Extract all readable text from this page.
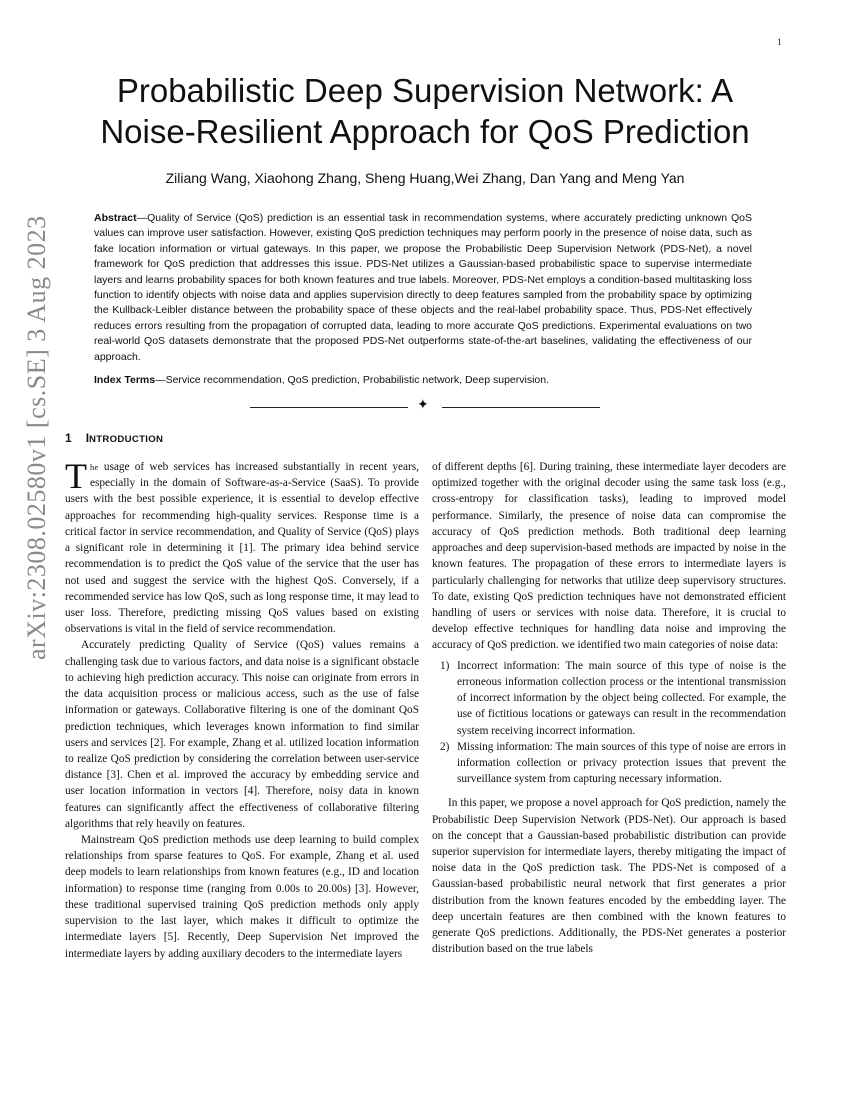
1
arXiv:2308.02580v1 [cs.SE] 3 Aug 2023
Probabilistic Deep Supervision Network: A
Noise-Resilient Approach for QoS Prediction
Ziliang Wang, Xiaohong Zhang, Sheng Huang,Wei Zhang, Dan Yang and Meng Yan

Abstract—Quality of Service (QoS) prediction is an essential task in recommendation systems, where accurately predicting unknown QoS values can improve user satisfaction. However, existing QoS prediction techniques may perform poorly in the presence of noise data, such as fake location information or virtual gateways. In this paper, we propose the Probabilistic Deep Supervision Network (PDS-Net), a novel framework for QoS prediction that addresses this issue. PDS-Net utilizes a Gaussian-based probabilistic space to supervise intermediate layers and learns probability spaces for both known features and true labels. Moreover, PDS-Net employs a condition-based multitasking loss function to identify objects with noise data and applies supervision directly to deep features sampled from the probability space by optimizing the Kullback-Leibler distance between the probability space of these objects and the real-label probability space. Thus, PDS-Net effectively reduces errors resulting from the propagation of corrupted data, leading to more accurate QoS predictions. Experimental evaluations on two real-world QoS datasets demonstrate that the proposed PDS-Net outperforms state-of-the-art baselines, validating the effectiveness of our approach.

Index Terms—Service recommendation, QoS prediction, Probabilistic network, Deep supervision.

✦
1 INTRODUCTION

The usage of web services has increased substantially in recent years, especially in the domain of Software-as-a-Service (SaaS). To provide users with the best possible experience, it is essential to develop effective approaches for recommending high-quality services. Response time is a critical factor in service recommendation, and Quality of Service (QoS) plays a significant role in determining it [1]. The primary idea behind service recommendation is to predict the QoS value of the service that the user has not used and suggest the service with the highest QoS. Conversely, if a recommended service has low QoS, such as long response time, it may lead to user loss. Therefore, predicting missing QoS values based on existing observations is vital in the field of service recommendation.

Accurately predicting Quality of Service (QoS) values remains a challenging task due to various factors, and data noise is a significant obstacle to achieving high prediction accuracy. This noise can originate from errors in the data acquisition process or malicious access, such as the use of false information or gateways. Collaborative filtering is one of the dominant QoS prediction techniques, which leverages known information to find similar users and services [2]. For example, Zhang et al. utilized location information to realize QoS prediction by considering the correlation between user-service distance [3]. Chen et al. improved the accuracy by embedding service and user location information in vectors [4]. Therefore, noisy data in known features can significantly affect the effectiveness of collaborative filtering algorithms that rely heavily on features.

Mainstream QoS prediction methods use deep learning to build complex relationships from sparse features to QoS. For example, Zhang et al. used deep models to learn relationships from known features (e.g., ID and location information) to response time (ranging from 0.00s to 20.00s) [3]. However, these traditional supervised training QoS prediction methods only apply supervision to the last layer, which makes it difficult to optimize the intermediate layers [5]. Recently, Deep Supervision Net improved the intermediate layers by adding auxiliary decoders to the intermediate layers

of different depths [6]. During training, these intermediate layer decoders are optimized together with the original decoder using the same task loss (e.g., cross-entropy for classification tasks), leading to improved model performance. Similarly, the presence of noise data can compromise the accuracy of QoS prediction methods. Both traditional deep learning approaches and deep supervision-based methods are impacted by noise in the known features. The propagation of these errors to intermediate layers is particularly challenging for networks that utilize deep supervisory structures. To date, existing QoS prediction techniques have not demonstrated efficient handling of users or services with noise data. Therefore, it is crucial to develop effective techniques for handling data noise and improving the accuracy of QoS prediction. we identified two main categories of noise data:

1) Incorrect information: The main source of this type of noise is the erroneous information collection process or the intentional transmission of incorrect information by the object being collected. For example, the use of fictitious locations or gateways can result in the recommendation system receiving incorrect information.
2) Missing information: The main sources of this type of noise are errors in information collection or privacy protection issues that prevent the surveillance system from capturing necessary information.

In this paper, we propose a novel approach for QoS prediction, namely the Probabilistic Deep Supervision Network (PDS-Net). Our approach is based on the concept that a Gaussian-based probabilistic distribution can provide superior supervision for intermediate layers, thereby mitigating the impact of noise data in the QoS prediction task. The PDS-Net is composed of a Gaussian-based probabilistic neural network that first generates a prior distribution from the known features encoded by the embedding layer. The deep uncertain features are then combined with the known features to generate QoS predictions. Additionally, the PDS-Net generates a posterior distribution based on the true labels
